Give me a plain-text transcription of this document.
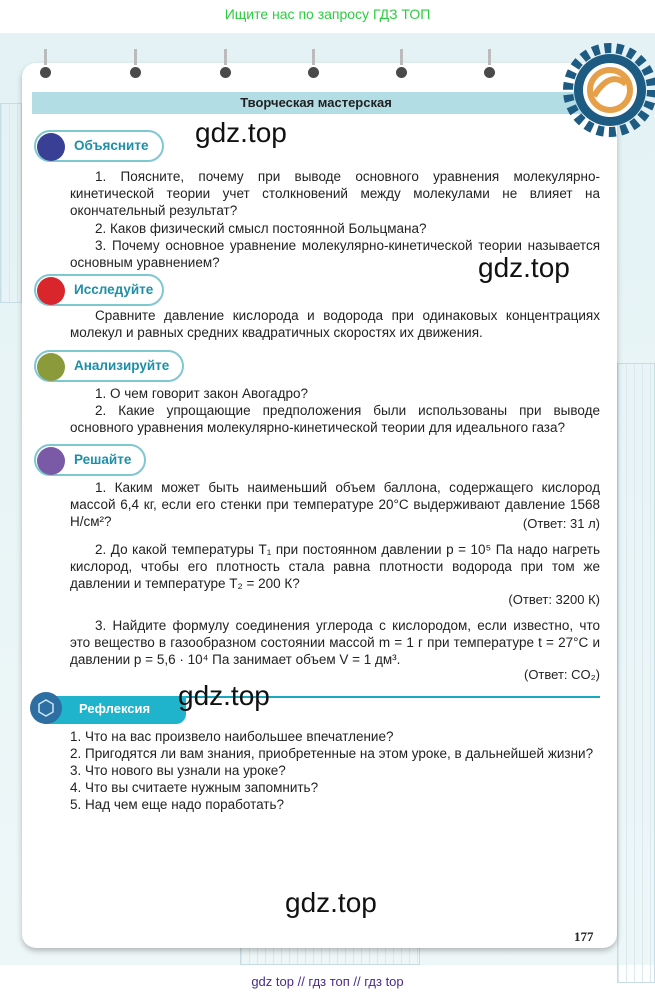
Ищите нас по запросу ГДЗ ТОП
Творческая мастерская
Объясните
1. Поясните, почему при выводе основного уравнения молекулярно-кинетической теории учет столкновений между молекулами не влияет на окончательный результат?
2. Каков физический смысл постоянной Больцмана?
3. Почему основное уравнение молекулярно-кинетической теории называется основным уравнением?
Исследуйте
Сравните давление кислорода и водорода при одинаковых концентрациях молекул и равных средних квадратичных скоростях их движения.
Анализируйте
1. О чем говорит закон Авогадро?
2. Какие упрощающие предположения были использованы при выводе основного уравнения молекулярно-кинетической теории для идеального газа?
Решайте
1. Каким может быть наименьший объем баллона, содержащего кислород массой 6,4 кг, если его стенки при температуре 20°С выдерживают давление 1568 Н/см²?	(Ответ: 31 л)
2. До какой температуры T₁ при постоянном давлении p = 10⁵ Па надо нагреть кислород, чтобы его плотность стала равна плотности водорода при том же давлении и температуре T₂ = 200 К?
(Ответ: 3200 К)
3. Найдите формулу соединения углерода с кислородом, если известно, что это вещество в газообразном состоянии массой m = 1 г при температуре t = 27°С и давлении p = 5,6 · 10⁴ Па занимает объем V = 1 дм³.
(Ответ: CO₂)
Рефлексия
1. Что на вас произвело наибольшее впечатление?
2. Пригодятся ли вам знания, приобретенные на этом уроке, в дальнейшей жизни?
3. Что нового вы узнали на уроке?
4. Что вы считаете нужным запомнить?
5. Над чем еще надо поработать?
gdz.top
gdz.top
gdz.top
gdz.top
177
gdz top // гдз топ // гдз top
